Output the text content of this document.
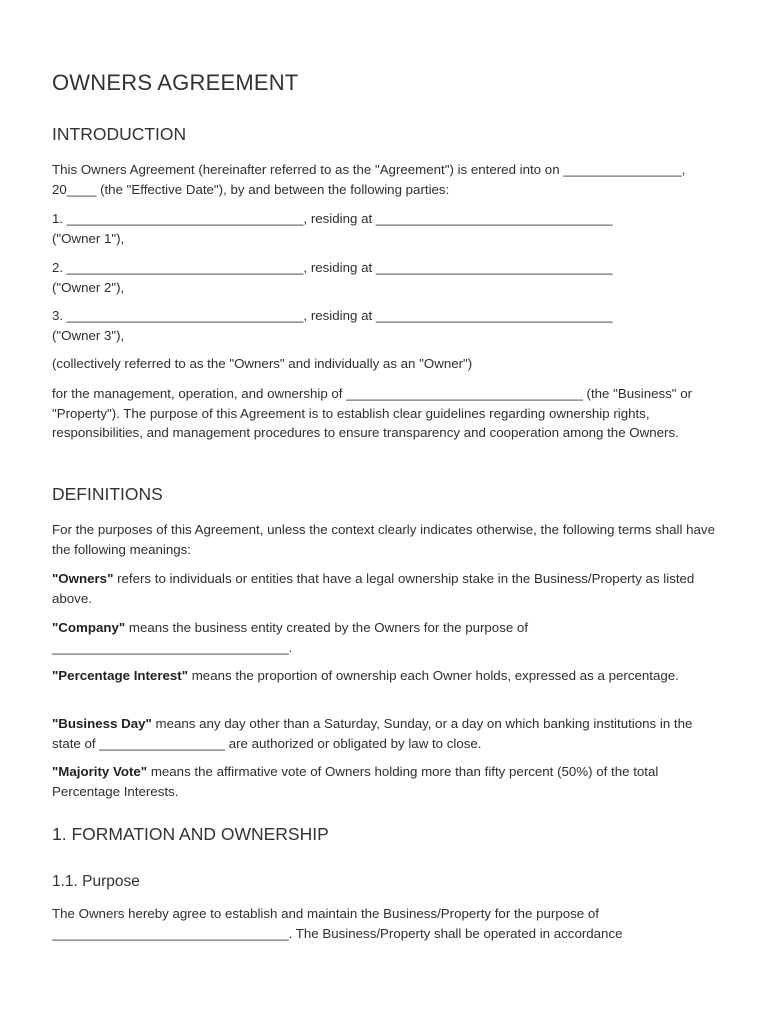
OWNERS AGREEMENT
INTRODUCTION

This Owners Agreement (hereinafter referred to as the "Agreement") is entered into on ________________, 20____ (the "Effective Date"), by and between the following parties:

1. ________________________________, residing at ________________________________
("Owner 1"),

2. ________________________________, residing at ________________________________
("Owner 2"),

3. ________________________________, residing at ________________________________
("Owner 3"),

(collectively referred to as the "Owners" and individually as an "Owner")

for the management, operation, and ownership of ________________________________ (the "Business" or "Property"). The purpose of this Agreement is to establish clear guidelines regarding ownership rights, responsibilities, and management procedures to ensure transparency and cooperation among the Owners.

DEFINITIONS

For the purposes of this Agreement, unless the context clearly indicates otherwise, the following terms shall have the following meanings:

"Owners" refers to individuals or entities that have a legal ownership stake in the Business/Property as listed above.

"Company" means the business entity created by the Owners for the purpose of ________________________________.

"Percentage Interest" means the proportion of ownership each Owner holds, expressed as a percentage.

"Business Day" means any day other than a Saturday, Sunday, or a day on which banking institutions in the state of _________________ are authorized or obligated by law to close.

"Majority Vote" means the affirmative vote of Owners holding more than fifty percent (50%) of the total Percentage Interests.

1. FORMATION AND OWNERSHIP
1.1. Purpose

The Owners hereby agree to establish and maintain the Business/Property for the purpose of ________________________________. The Business/Property shall be operated in accordance
